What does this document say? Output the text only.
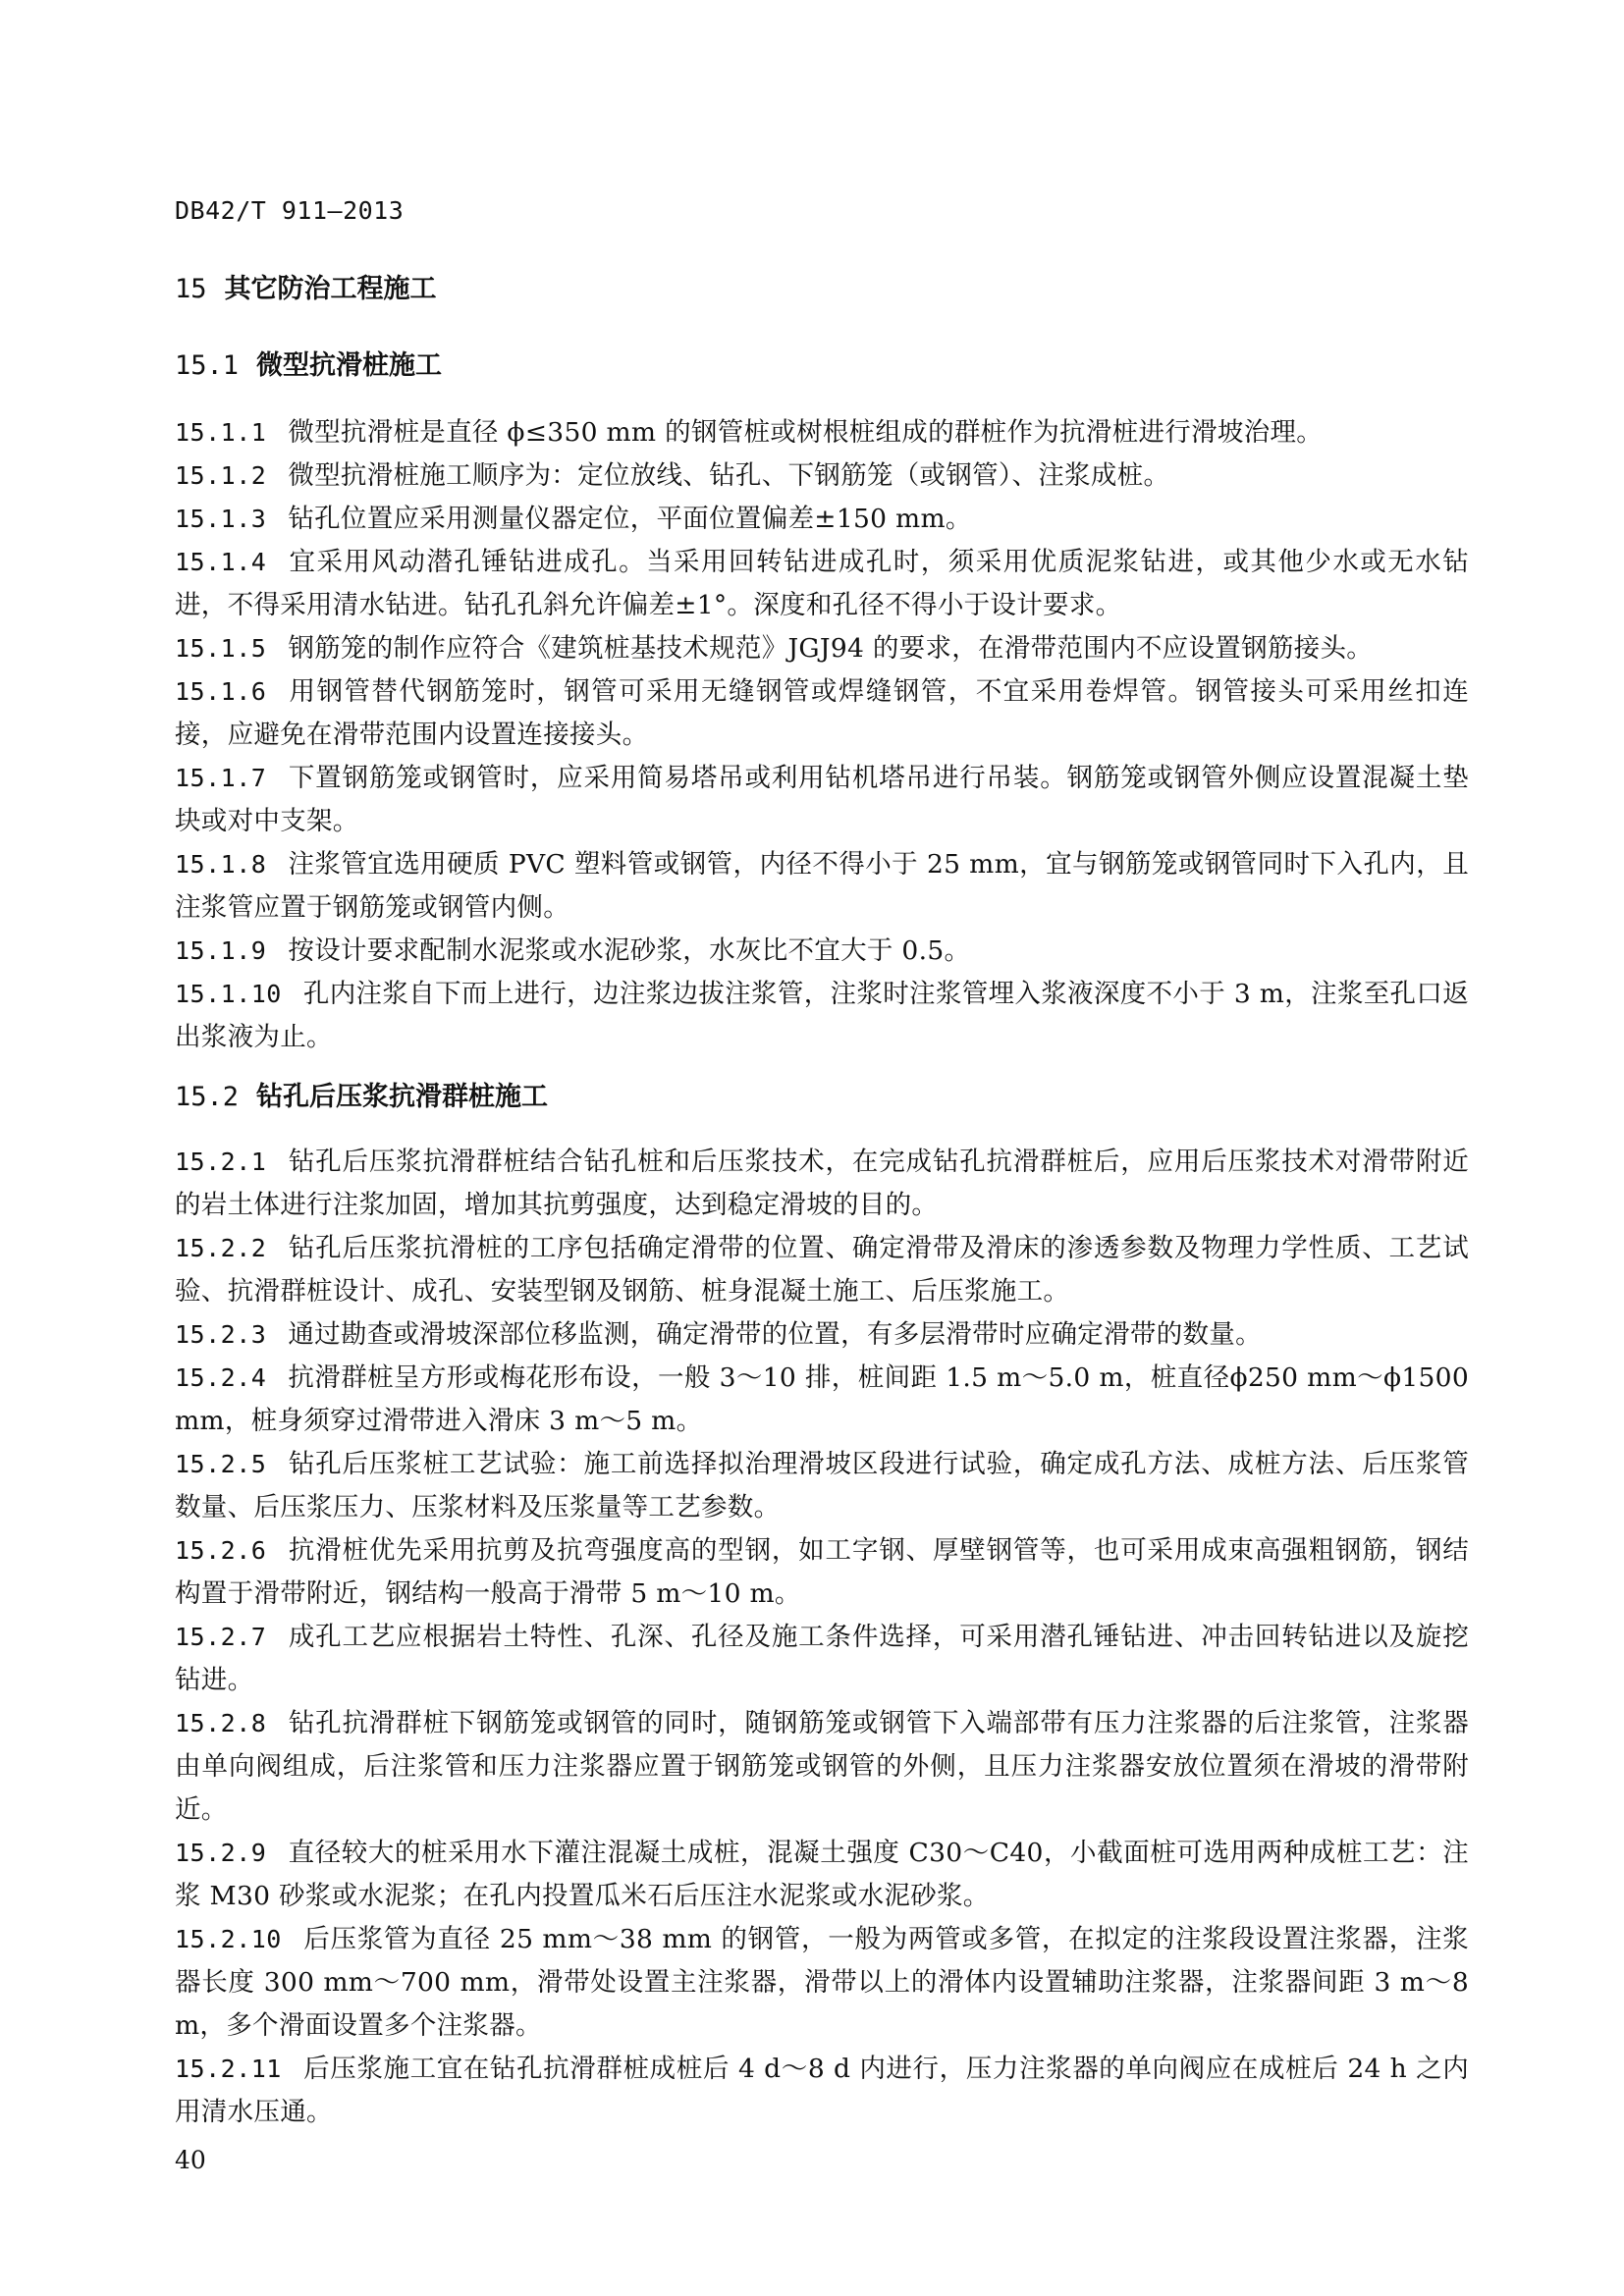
DB42/T 911—2013
15 其它防治工程施工
15.1 微型抗滑桩施工
15.1.1 微型抗滑桩是直径 ϕ≤350 mm 的钢管桩或树根桩组成的群桩作为抗滑桩进行滑坡治理。
15.1.2 微型抗滑桩施工顺序为：定位放线、钻孔、下钢筋笼（或钢管）、注浆成桩。
15.1.3 钻孔位置应采用测量仪器定位，平面位置偏差±150 mm。
15.1.4 宜采用风动潜孔锤钻进成孔。当采用回转钻进成孔时，须采用优质泥浆钻进，或其他少水或无水钻进，不得采用清水钻进。钻孔孔斜允许偏差±1°。深度和孔径不得小于设计要求。
15.1.5 钢筋笼的制作应符合《建筑桩基技术规范》JGJ94 的要求，在滑带范围内不应设置钢筋接头。
15.1.6 用钢管替代钢筋笼时，钢管可采用无缝钢管或焊缝钢管，不宜采用卷焊管。钢管接头可采用丝扣连接，应避免在滑带范围内设置连接接头。
15.1.7 下置钢筋笼或钢管时，应采用简易塔吊或利用钻机塔吊进行吊装。钢筋笼或钢管外侧应设置混凝土垫块或对中支架。
15.1.8 注浆管宜选用硬质 PVC 塑料管或钢管，内径不得小于 25 mm，宜与钢筋笼或钢管同时下入孔内，且注浆管应置于钢筋笼或钢管内侧。
15.1.9 按设计要求配制水泥浆或水泥砂浆，水灰比不宜大于 0.5。
15.1.10 孔内注浆自下而上进行，边注浆边拔注浆管，注浆时注浆管埋入浆液深度不小于 3 m，注浆至孔口返出浆液为止。
15.2 钻孔后压浆抗滑群桩施工
15.2.1 钻孔后压浆抗滑群桩结合钻孔桩和后压浆技术，在完成钻孔抗滑群桩后，应用后压浆技术对滑带附近的岩土体进行注浆加固，增加其抗剪强度，达到稳定滑坡的目的。
15.2.2 钻孔后压浆抗滑桩的工序包括确定滑带的位置、确定滑带及滑床的渗透参数及物理力学性质、工艺试验、抗滑群桩设计、成孔、安装型钢及钢筋、桩身混凝土施工、后压浆施工。
15.2.3 通过勘查或滑坡深部位移监测，确定滑带的位置，有多层滑带时应确定滑带的数量。
15.2.4 抗滑群桩呈方形或梅花形布设，一般 3～10 排，桩间距 1.5 m～5.0 m，桩直径ϕ250 mm～ϕ1500 mm，桩身须穿过滑带进入滑床 3 m～5 m。
15.2.5 钻孔后压浆桩工艺试验：施工前选择拟治理滑坡区段进行试验，确定成孔方法、成桩方法、后压浆管数量、后压浆压力、压浆材料及压浆量等工艺参数。
15.2.6 抗滑桩优先采用抗剪及抗弯强度高的型钢，如工字钢、厚壁钢管等，也可采用成束高强粗钢筋，钢结构置于滑带附近，钢结构一般高于滑带 5 m～10 m。
15.2.7 成孔工艺应根据岩土特性、孔深、孔径及施工条件选择，可采用潜孔锤钻进、冲击回转钻进以及旋挖钻进。
15.2.8 钻孔抗滑群桩下钢筋笼或钢管的同时，随钢筋笼或钢管下入端部带有压力注浆器的后注浆管，注浆器由单向阀组成，后注浆管和压力注浆器应置于钢筋笼或钢管的外侧，且压力注浆器安放位置须在滑坡的滑带附近。
15.2.9 直径较大的桩采用水下灌注混凝土成桩，混凝土强度 C30～C40，小截面桩可选用两种成桩工艺：注浆 M30 砂浆或水泥浆；在孔内投置瓜米石后压注水泥浆或水泥砂浆。
15.2.10 后压浆管为直径 25 mm～38 mm 的钢管，一般为两管或多管，在拟定的注浆段设置注浆器，注浆器长度 300 mm～700 mm，滑带处设置主注浆器，滑带以上的滑体内设置辅助注浆器，注浆器间距 3 m～8 m，多个滑面设置多个注浆器。
15.2.11 后压浆施工宜在钻孔抗滑群桩成桩后 4 d～8 d 内进行，压力注浆器的单向阀应在成桩后 24 h 之内用清水压通。
40
